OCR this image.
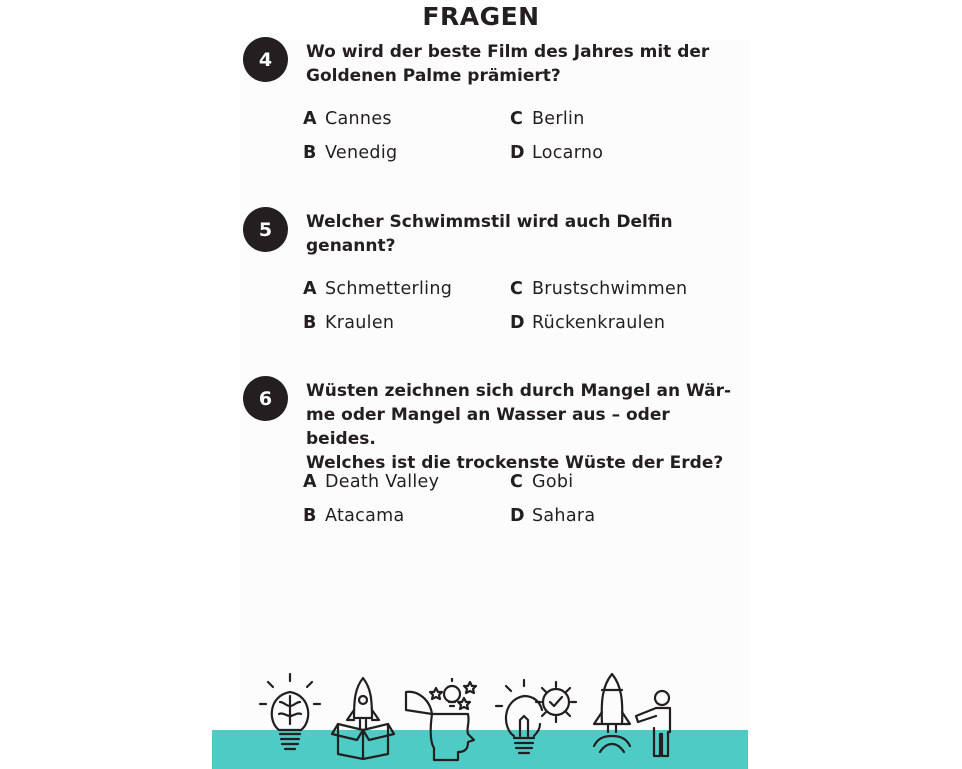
FRAGEN
4	Wo wird der beste Film des Jahres mit der
Goldenen Palme prämiert?
A Cannes
B Venedig
C Berlin
D Locarno
5	Welcher Schwimmstil wird auch Delfin
genannt?
A Schmetterling
B Kraulen
C Brustschwimmen
D Rückenkraulen
6	Wüsten zeichnen sich durch Mangel an Wär-
me oder Mangel an Wasser aus – oder beides.
Welches ist die trockenste Wüste der Erde?
A Death Valley
B Atacama
C Gobi
D Sahara
